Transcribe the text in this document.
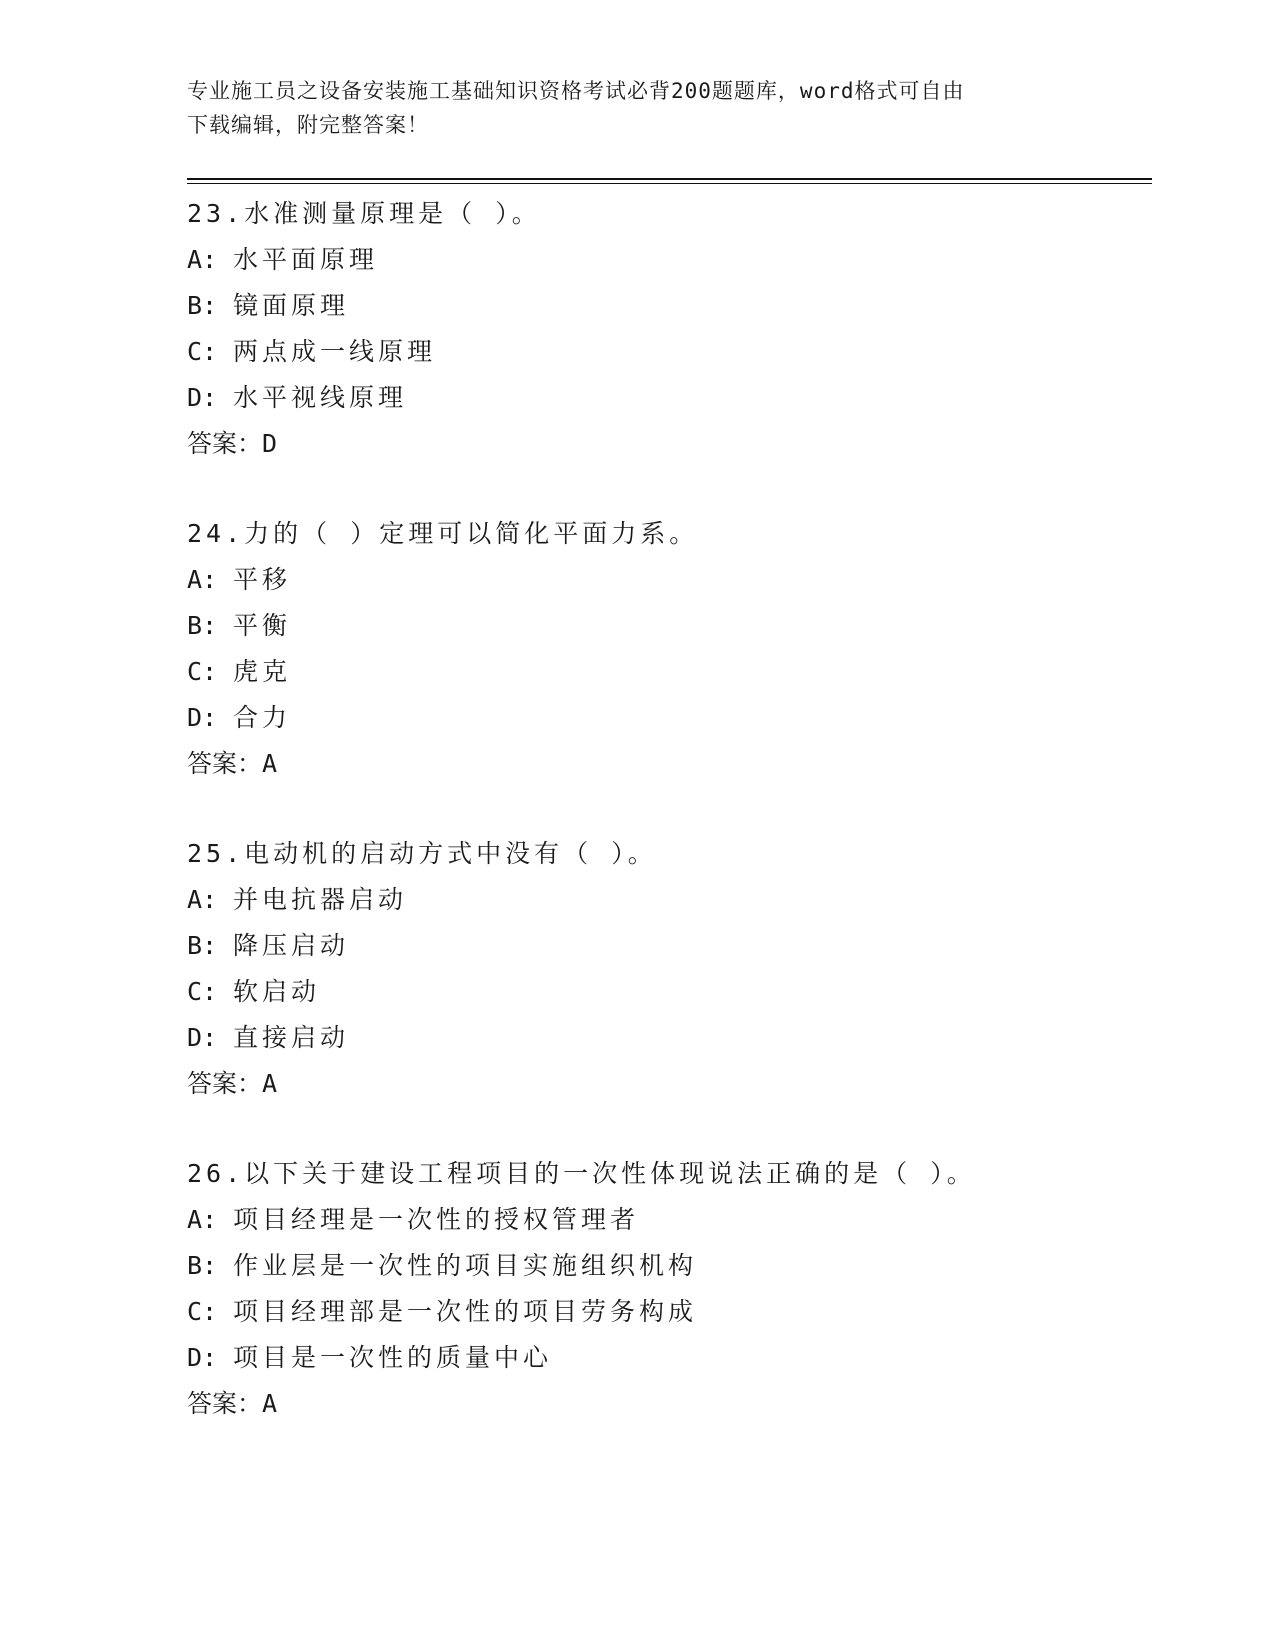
专业施工员之设备安装施工基础知识资格考试必背200题题库，word格式可自由
下载编辑，附完整答案！
23.水准测量原理是（ ）。
A: 水平面原理
B: 镜面原理
C: 两点成一线原理
D: 水平视线原理
答案：D
24.力的（ ）定理可以简化平面力系。
A: 平移
B: 平衡
C: 虎克
D: 合力
答案：A
25.电动机的启动方式中没有（ ）。
A: 并电抗器启动
B: 降压启动
C: 软启动
D: 直接启动
答案：A
26.以下关于建设工程项目的一次性体现说法正确的是（ ）。
A: 项目经理是一次性的授权管理者
B: 作业层是一次性的项目实施组织机构
C: 项目经理部是一次性的项目劳务构成
D: 项目是一次性的质量中心
答案：A
